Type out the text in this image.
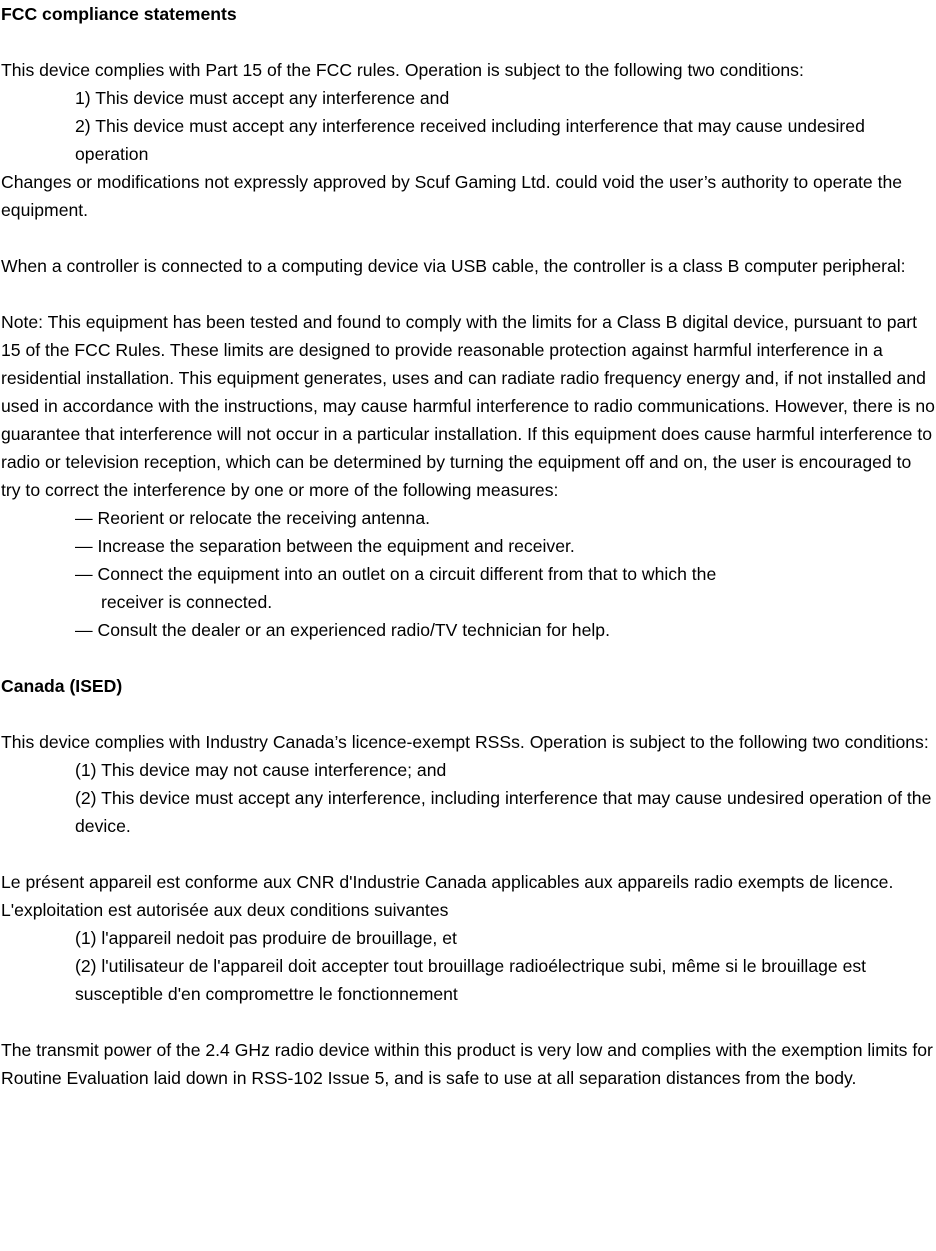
FCC compliance statements

This device complies with Part 15 of the FCC rules. Operation is subject to the following two conditions:

1) This device must accept any interference and

2) This device must accept any interference received including interference that may cause undesired operation

Changes or modifications not expressly approved by Scuf Gaming Ltd. could void the user’s authority to operate the equipment.

When a controller is connected to a computing device via USB cable, the controller is a class B computer peripheral:

Note: This equipment has been tested and found to comply with the limits for a Class B digital device, pursuant to part 15 of the FCC Rules. These limits are designed to provide reasonable protection against harmful interference in a residential installation. This equipment generates, uses and can radiate radio frequency energy and, if not installed and used in accordance with the instructions, may cause harmful interference to radio communications. However, there is no guarantee that interference will not occur in a particular installation. If this equipment does cause harmful interference to radio or television reception, which can be determined by turning the equipment off and on, the user is encouraged to try to correct the interference by one or more of the following measures:

— Reorient or relocate the receiving antenna.

— Increase the separation between the equipment and receiver.

— Connect the equipment into an outlet on a circuit different from that to which the

receiver is connected.

— Consult the dealer or an experienced radio/TV technician for help.

Canada (ISED)

This device complies with Industry Canada’s licence-exempt RSSs. Operation is subject to the following two conditions:

(1) This device may not cause interference; and

(2) This device must accept any interference, including interference that may cause undesired operation of the device.

Le présent appareil est conforme aux CNR d'Industrie Canada applicables aux appareils radio exempts de licence. L'exploitation est autorisée aux deux conditions suivantes

(1) l'appareil nedoit pas produire de brouillage, et

(2) l'utilisateur de l'appareil doit accepter tout brouillage radioélectrique subi, même si le brouillage est susceptible d'en compromettre le fonctionnement

The transmit power of the 2.4 GHz radio device within this product is very low and complies with the exemption limits for Routine Evaluation laid down in RSS-102 Issue 5, and is safe to use at all separation distances from the body.
